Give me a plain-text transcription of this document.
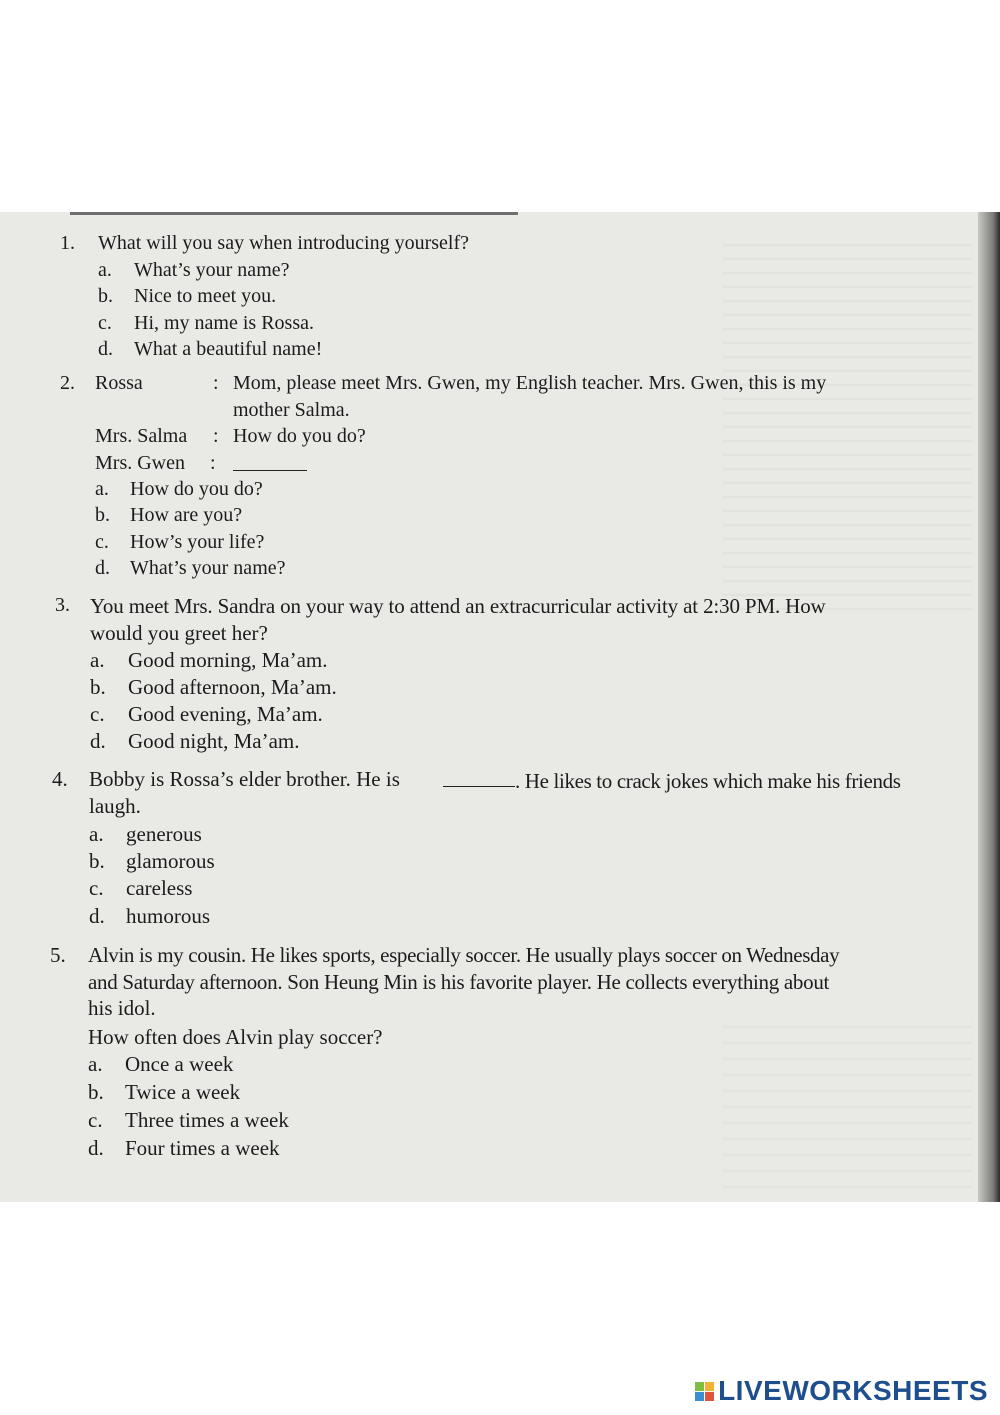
1. What will you say when introducing yourself?
a. What’s your name?
b. Nice to meet you.
c. Hi, my name is Rossa.
d. What a beautiful name!
2. Rossa	: Mom, please meet Mrs. Gwen, my English teacher. Mrs. Gwen, this is my
mother Salma.
Mrs. Salma : How do you do?
Mrs. Gwen :
a. How do you do?
b. How are you?
c. How’s your life?
d. What’s your name?
3. You meet Mrs. Sandra on your way to attend an extracurricular activity at 2:30 PM. How
would you greet her?
a. Good morning, Ma’am.
b. Good afternoon, Ma’am.
c. Good evening, Ma’am.
d. Good night, Ma’am.
4. Bobby is Rossa’s elder brother. He is	. He likes to crack jokes which make his friends
laugh.
a. generous
b. glamorous
c. careless
d. humorous
5. Alvin is my cousin. He likes sports, especially soccer. He usually plays soccer on Wednesday
and Saturday afternoon. Son Heung Min is his favorite player. He collects everything about
his idol.
How often does Alvin play soccer?
a. Once a week
b. Twice a week
c. Three times a week
d. Four times a week
LIVEWORKSHEETS
